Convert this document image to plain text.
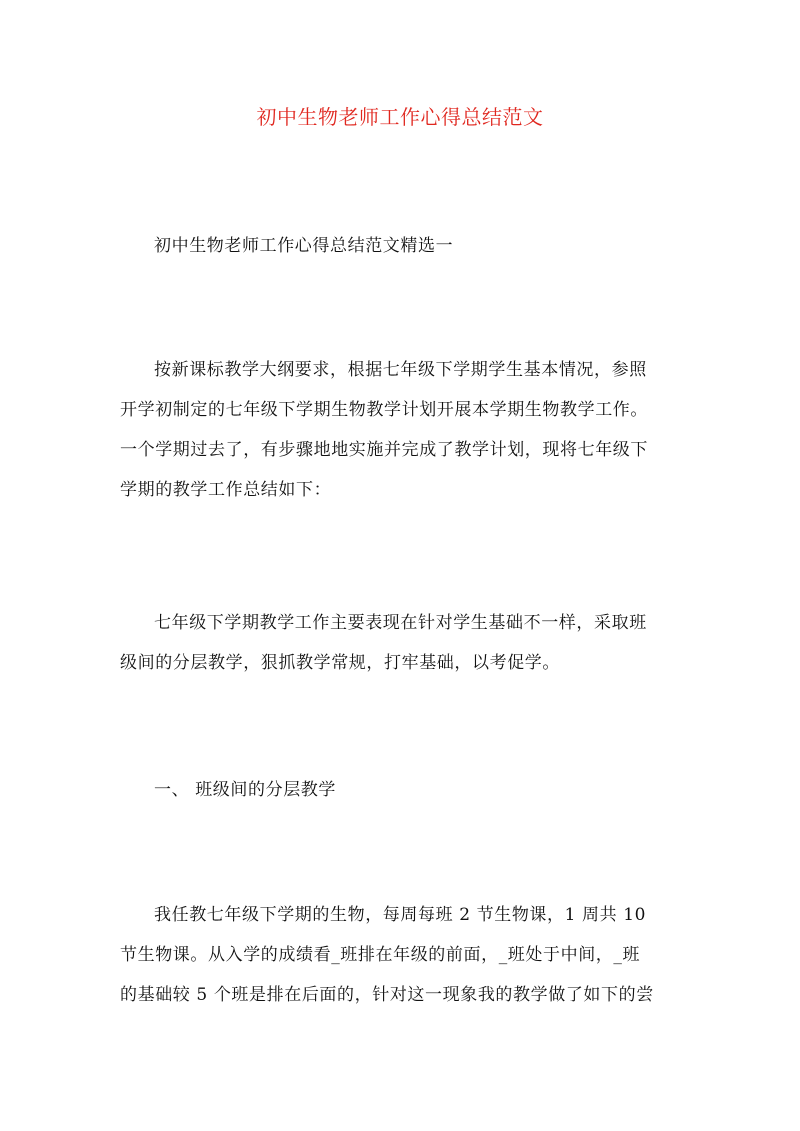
初中生物老师工作心得总结范文
初中生物老师工作心得总结范文精选一
按新课标教学大纲要求，根据七年级下学期学生基本情况，参照
开学初制定的七年级下学期生物教学计划开展本学期生物教学工作。
一个学期过去了，有步骤地地实施并完成了教学计划，现将七年级下
学期的教学工作总结如下：
七年级下学期教学工作主要表现在针对学生基础不一样，采取班
级间的分层教学，狠抓教学常规，打牢基础，以考促学。
一、 班级间的分层教学
我任教七年级下学期的生物，每周每班 2 节生物课，1 周共 10
节生物课。从入学的成绩看_班排在年级的前面，_班处于中间，_班
的基础较 5 个班是排在后面的，针对这一现象我的教学做了如下的尝
